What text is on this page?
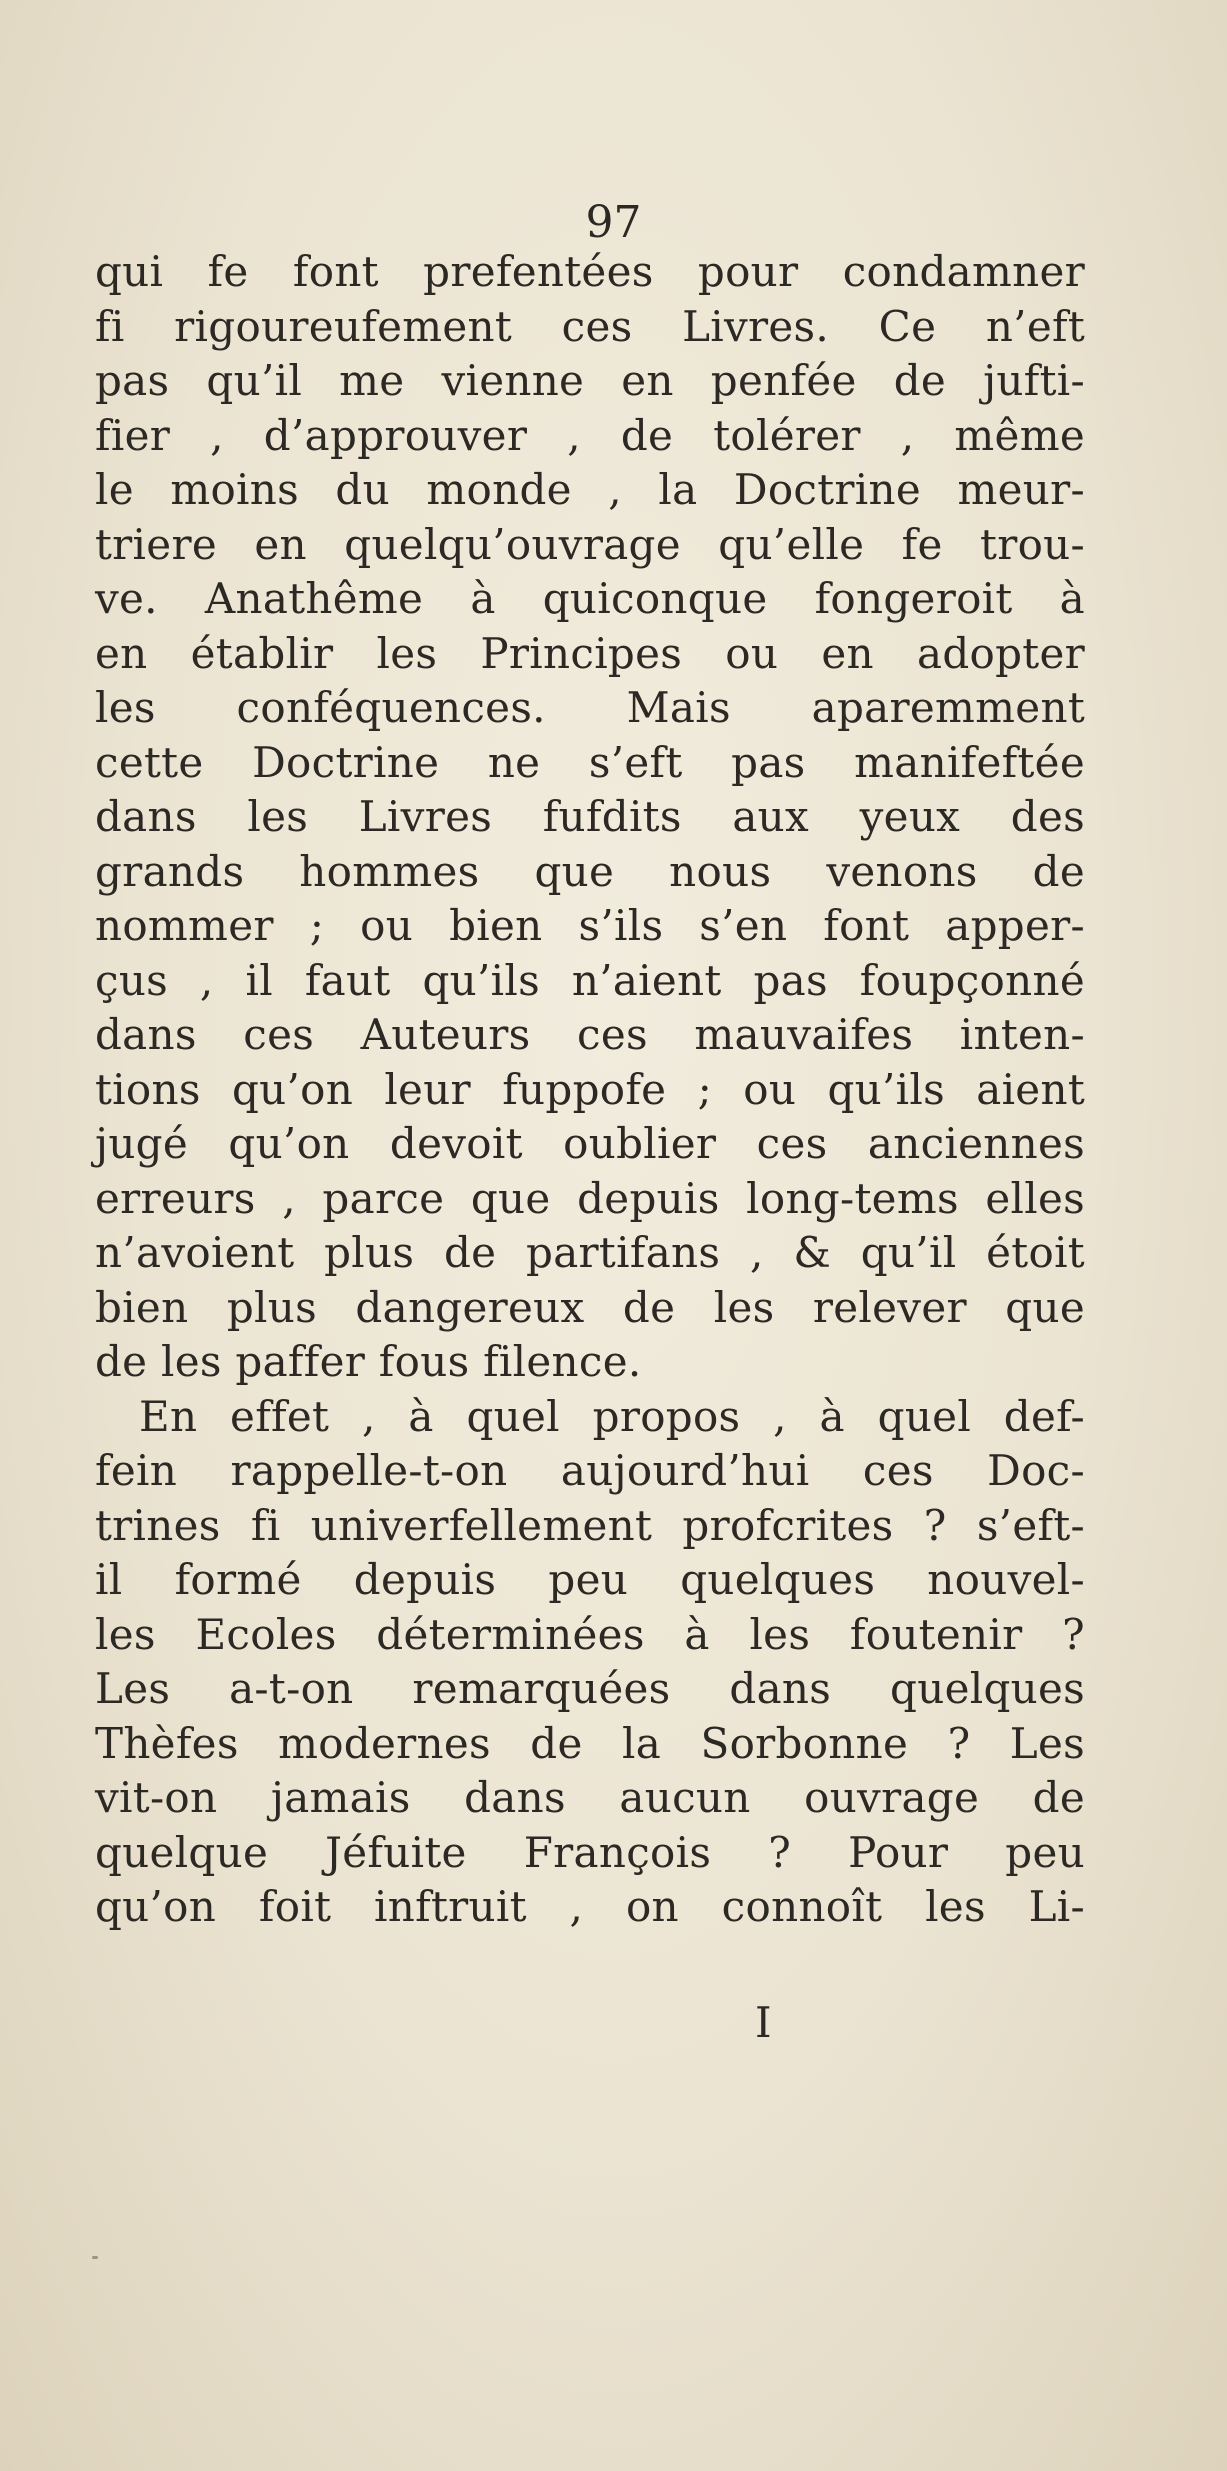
97
qui fe font prefentées pour condamner
fi rigoureufement ces Livres. Ce n’eft
pas qu’il me vienne en penfée de jufti-
fier , d’approuver , de tolérer , même
le moins du monde , la Doctrine meur-
triere en quelqu’ouvrage qu’elle fe trou-
ve. Anathême à quiconque fongeroit à
en établir les Principes ou en adopter
les conféquences. Mais aparemment
cette Doctrine ne s’eft pas manifeftée
dans les Livres fufdits aux yeux des
grands hommes que nous venons de
nommer ; ou bien s’ils s’en font apper-
çus , il faut qu’ils n’aient pas foupçonné
dans ces Auteurs ces mauvaifes inten-
tions qu’on leur fuppofe ; ou qu’ils aient
jugé qu’on devoit oublier ces anciennes
erreurs , parce que depuis long-tems elles
n’avoient plus de partifans , & qu’il étoit
bien plus dangereux de les relever que
de les paffer fous filence.
En effet , à quel propos , à quel def-
fein rappelle-t-on aujourd’hui ces Doc-
trines fi univerfellement profcrites ? s’eft-
il formé depuis peu quelques nouvel-
les Ecoles déterminées à les foutenir ?
Les a-t-on remarquées dans quelques
Thèfes modernes de la Sorbonne ? Les
vit-on jamais dans aucun ouvrage de
quelque Jéfuite François ? Pour peu
qu’on foit inftruit , on connoît les Li-
I
